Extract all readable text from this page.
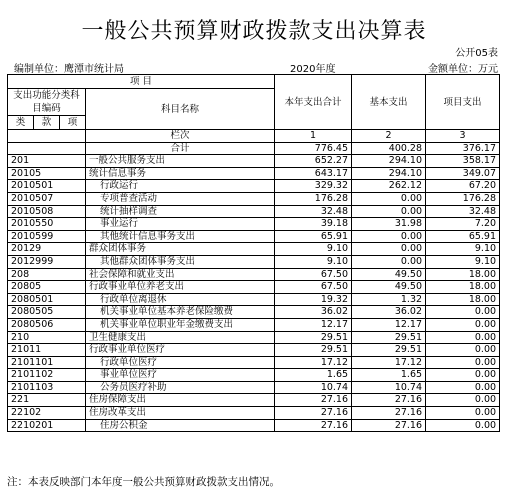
一般公共预算财政拨款支出决算表
公开05表
编制单位：鹰潭市统计局	2020年度	金额单位：万元
项 目				本年支出合计	基本支出	项目支出
支出功能分类科目编码			科目名称			
类	款	项				
			栏次	1	2	3
			合计	776.45	400.28	376.17
201			一般公共服务支出	652.27	294.10	358.17
20105			统计信息事务	643.17	294.10	349.07
2010501			行政运行	329.32	262.12	67.20
2010507			专项普查活动	176.28	0.00	176.28
2010508			统计抽样调查	32.48	0.00	32.48
2010550			事业运行	39.18	31.98	7.20
2010599			其他统计信息事务支出	65.91	0.00	65.91
20129			群众团体事务	9.10	0.00	9.10
2012999			其他群众团体事务支出	9.10	0.00	9.10
208			社会保障和就业支出	67.50	49.50	18.00
20805			行政事业单位养老支出	67.50	49.50	18.00
2080501			行政单位离退休	19.32	1.32	18.00
2080505			机关事业单位基本养老保险缴费	36.02	36.02	0.00
2080506			机关事业单位职业年金缴费支出	12.17	12.17	0.00
210			卫生健康支出	29.51	29.51	0.00
21011			行政事业单位医疗	29.51	29.51	0.00
2101101			行政单位医疗	17.12	17.12	0.00
2101102			事业单位医疗	1.65	1.65	0.00
2101103			公务员医疗补助	10.74	10.74	0.00
221			住房保障支出	27.16	27.16	0.00
22102			住房改革支出	27.16	27.16	0.00
2210201			住房公积金	27.16	27.16	0.00
注：本表反映部门本年度一般公共预算财政拨款支出情况。
